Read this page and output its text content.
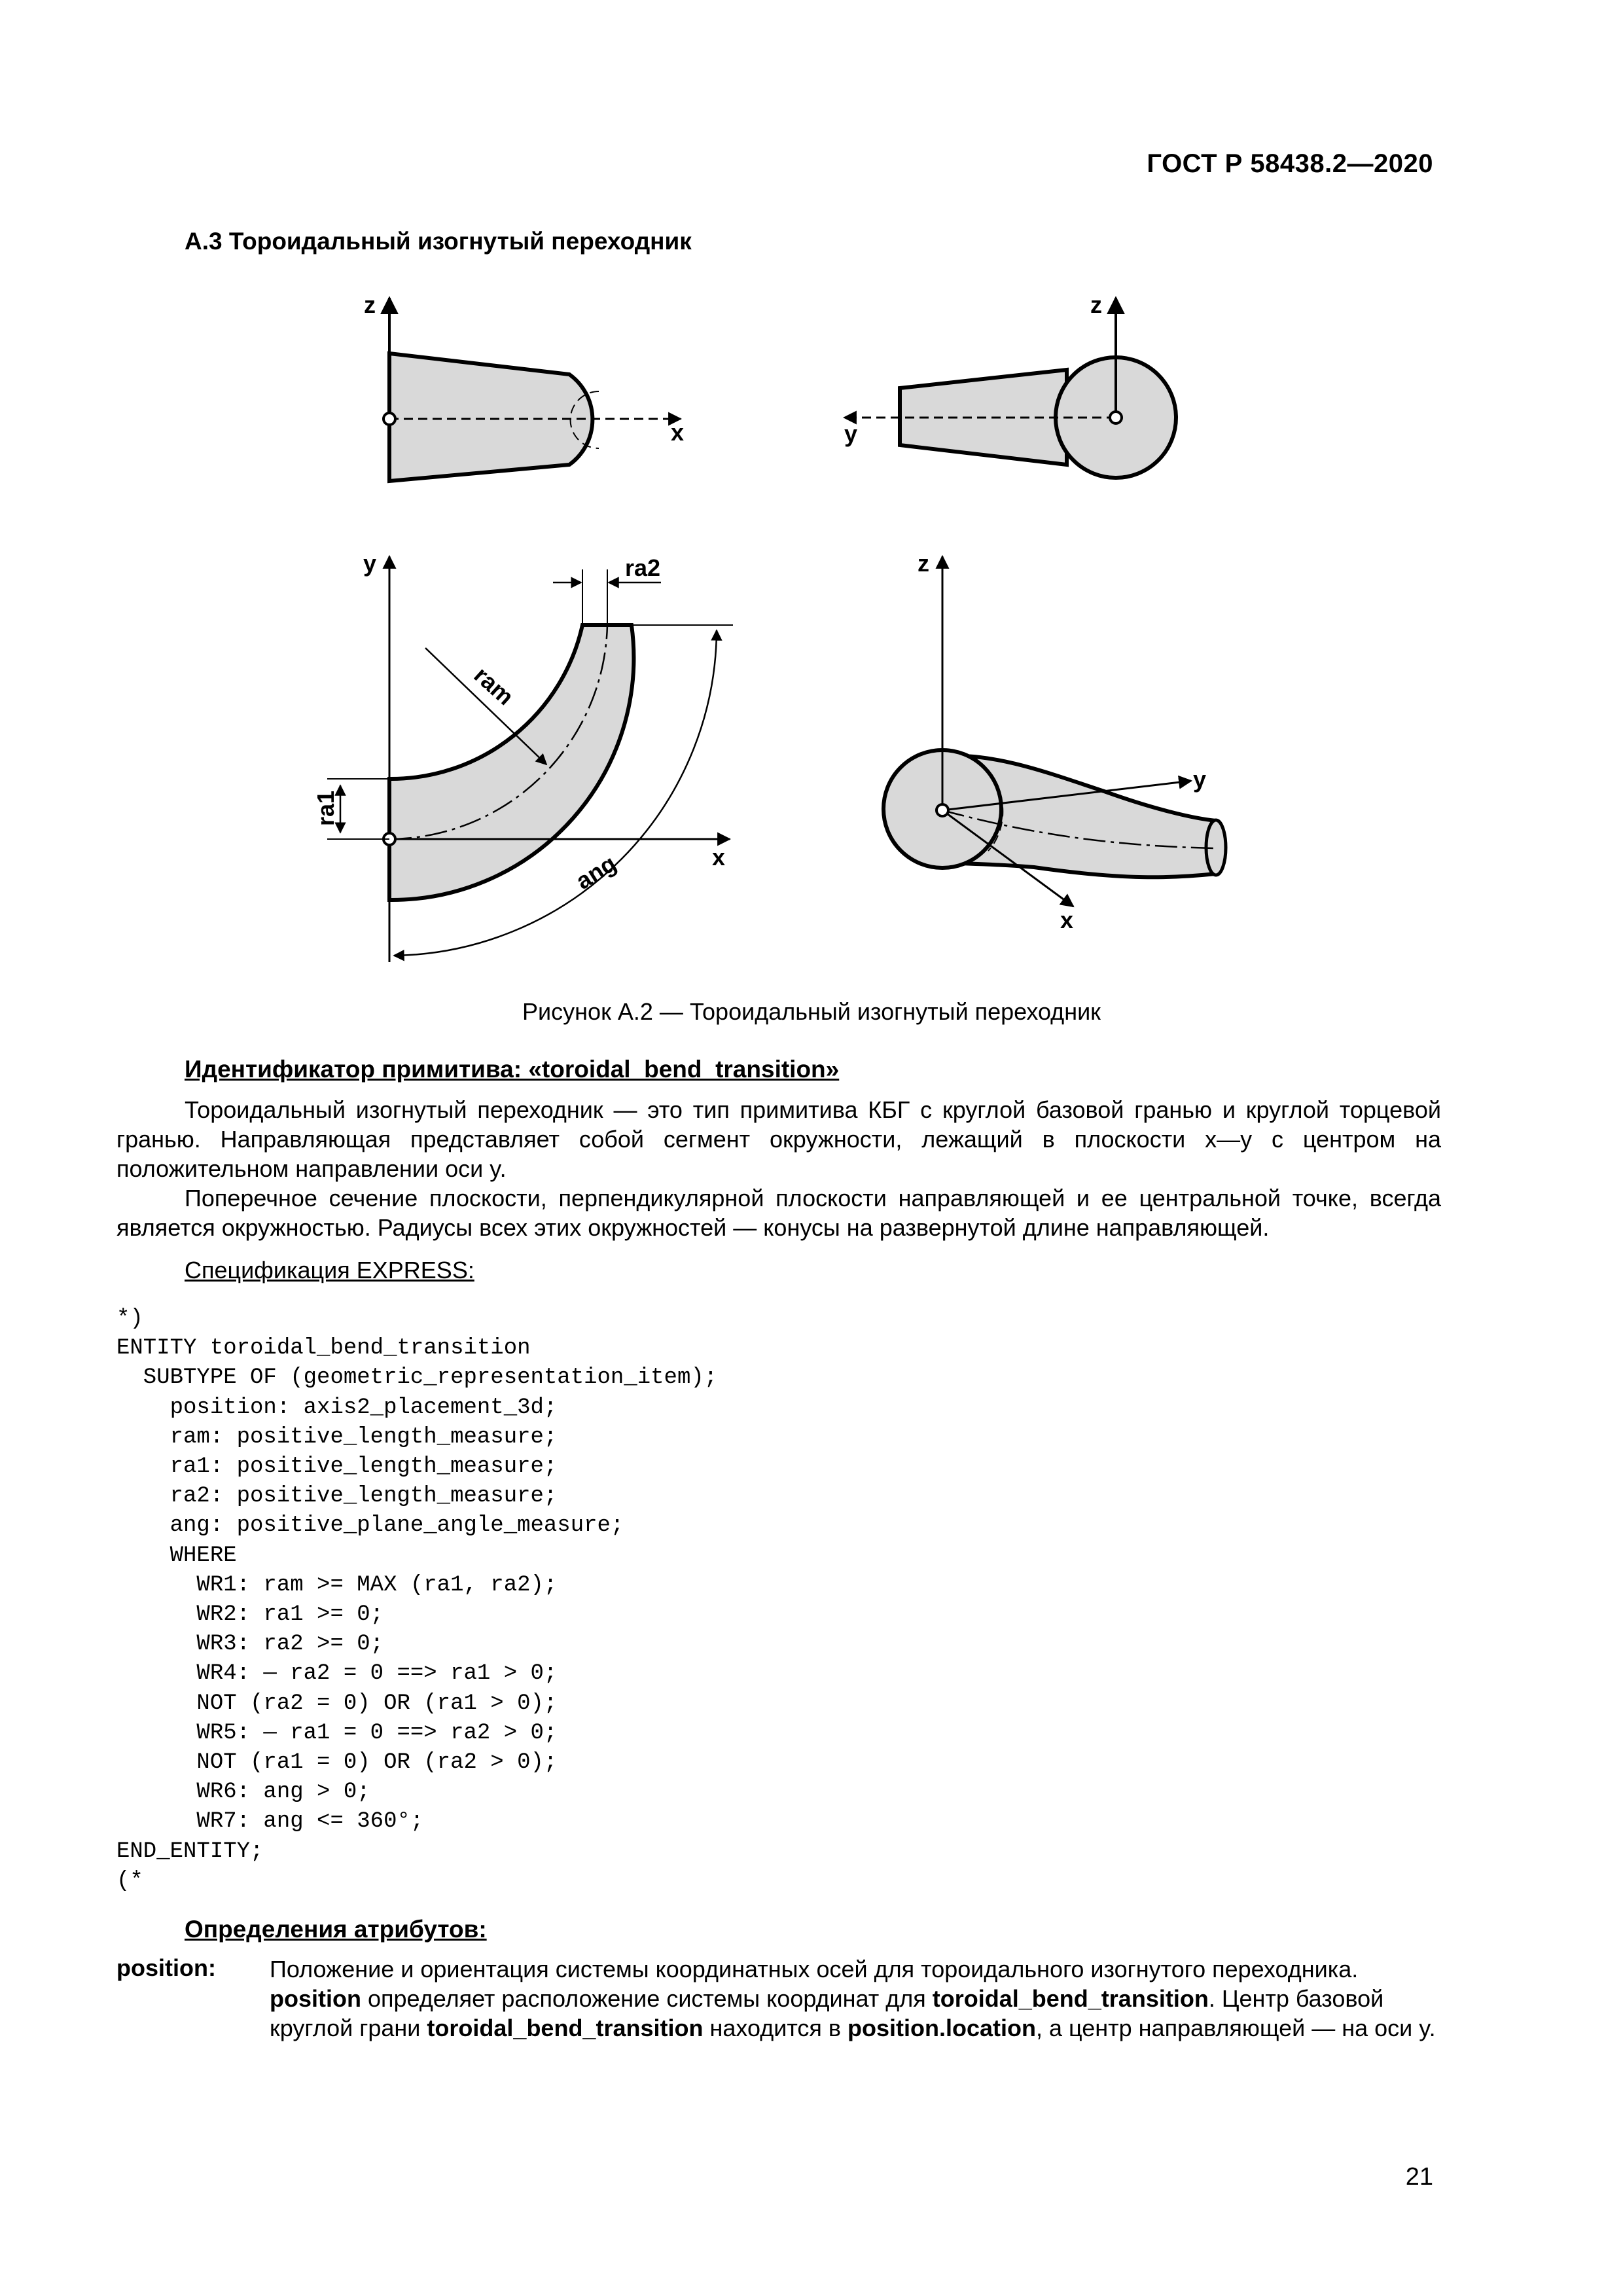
ГОСТ Р 58438.2—2020
А.3 Тороидальный изогнутый переходник
z
x
z
y
y
x
ra2
ram
ra1
ang
z
y
x
Рисунок А.2 — Тороидальный изогнутый переходник
Идентификатор примитива: «toroidal_bend_transition»
Тороидальный изогнутый переходник — это тип примитива КБГ с круглой базовой гранью и круглой торцевой гранью. Направляющая представляет собой сегмент окружности, лежащий в плоскости x—y с центром на положительном направлении оси y.
Поперечное сечение плоскости, перпендикулярной плоскости направляющей и ее центральной точке, всегда является окружностью. Радиусы всех этих окружностей — конусы на развернутой длине направляющей.
Спецификация EXPRESS:
*)
ENTITY toroidal_bend_transition
SUBTYPE OF (geometric_representation_item);
position: axis2_placement_3d;
ram: positive_length_measure;
ra1: positive_length_measure;
ra2: positive_length_measure;
ang: positive_plane_angle_measure;
WHERE
WR1: ram >= MAX (ra1, ra2);
WR2: ra1 >= 0;
WR3: ra2 >= 0;
WR4: — ra2 = 0 ==> ra1 > 0;
NOT (ra2 = 0) OR (ra1 > 0);
WR5: — ra1 = 0 ==> ra2 > 0;
NOT (ra1 = 0) OR (ra2 > 0);
WR6: ang > 0;
WR7: ang <= 360°;
END_ENTITY;
(*
Определения атрибутов:
position: Положение и ориентация системы координатных осей для тороидального изогнутого переходника.
position определяет расположение системы координат для toroidal_bend_transition. Центр базовой круглой грани toroidal_bend_transition находится в position.location, а центр направляющей — на оси y.
21
